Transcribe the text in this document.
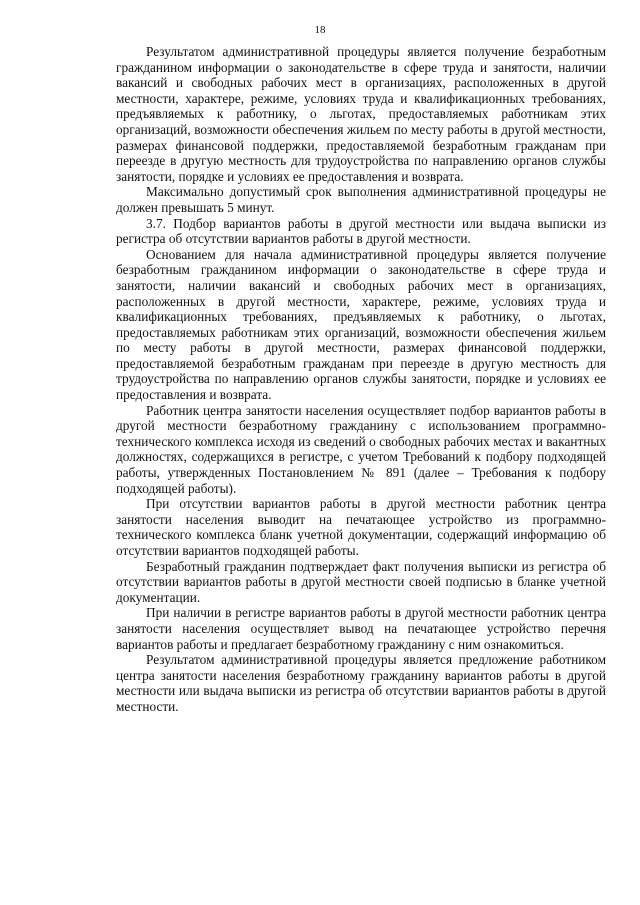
18

Результатом административной процедуры является получение безработным гражданином информации о законодательстве в сфере труда и занятости, наличии вакансий и свободных рабочих мест в организациях, расположенных в другой местности, характере, режиме, условиях труда и квалификационных требованиях, предъявляемых к работнику, о льготах, предоставляемых работникам этих организаций, возможности обеспечения жильем по месту работы в другой местности, размерах финансовой поддержки, предоставляемой безработным гражданам при переезде в другую местность для трудоустройства по направлению органов службы занятости, порядке и условиях ее предоставления и возврата.

Максимально допустимый срок выполнения административной процедуры не должен превышать 5 минут.

3.7. Подбор вариантов работы в другой местности или выдача выписки из регистра об отсутствии вариантов работы в другой местности.

Основанием для начала административной процедуры является получение безработным гражданином информации о законодательстве в сфере труда и занятости, наличии вакансий и свободных рабочих мест в организациях, расположенных в другой местности, характере, режиме, условиях труда и квалификационных требованиях, предъявляемых к работнику, о льготах, предоставляемых работникам этих организаций, возможности обеспечения жильем по месту работы в другой местности, размерах финансовой поддержки, предоставляемой безработным гражданам при переезде в другую местность для трудоустройства по направлению органов службы занятости, порядке и условиях ее предоставления и возврата.

Работник центра занятости населения осуществляет подбор вариантов работы в другой местности безработному гражданину с использованием программно-технического комплекса исходя из сведений о свободных рабочих местах и вакантных должностях, содержащихся в регистре, с учетом Требований к подбору подходящей работы, утвержденных Постановлением № 891 (далее – Требования к подбору подходящей работы).

При отсутствии вариантов работы в другой местности работник центра занятости населения выводит на печатающее устройство из программно-технического комплекса бланк учетной документации, содержащий информацию об отсутствии вариантов подходящей работы.

Безработный гражданин подтверждает факт получения выписки из регистра об отсутствии вариантов работы в другой местности своей подписью в бланке учетной документации.

При наличии в регистре вариантов работы в другой местности работник центра занятости населения осуществляет вывод на печатающее устройство перечня вариантов работы и предлагает безработному гражданину с ним ознакомиться.

Результатом административной процедуры является предложение работником центра занятости населения безработному гражданину вариантов работы в другой местности или выдача выписки из регистра об отсутствии вариантов работы в другой местности.
